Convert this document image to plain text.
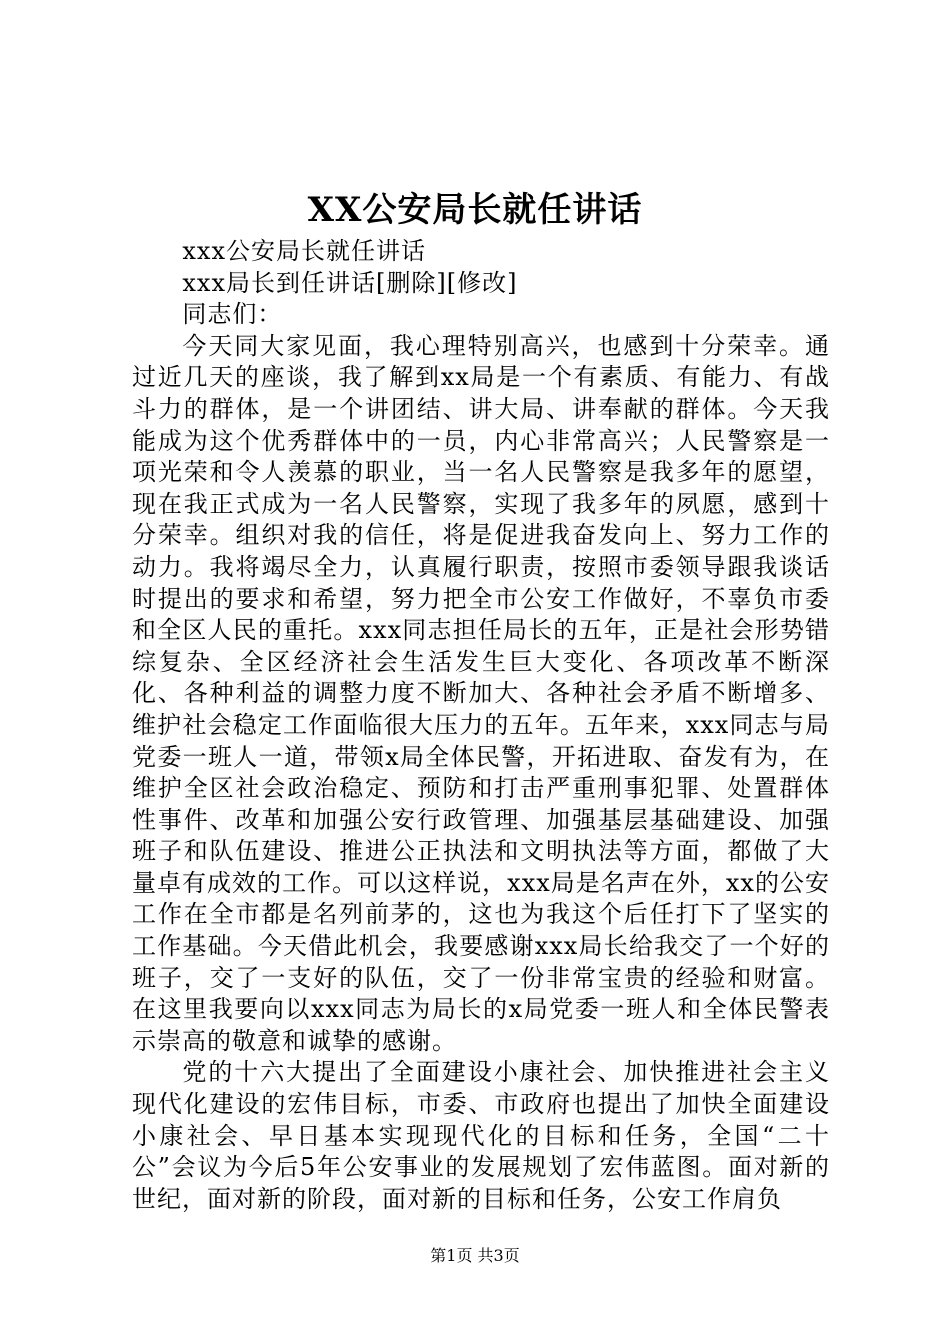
XX公安局长就任讲话

xxx公安局长就任讲话

xxx局长到任讲话[删除][修改]

同志们：

今天同大家见面，我心理特别高兴，也感到十分荣幸。通过近几天的座谈，我了解到xx局是一个有素质、有能力、有战斗力的群体，是一个讲团结、讲大局、讲奉献的群体。今天我能成为这个优秀群体中的一员，内心非常高兴；人民警察是一项光荣和令人羡慕的职业，当一名人民警察是我多年的愿望，现在我正式成为一名人民警察，实现了我多年的夙愿，感到十分荣幸。组织对我的信任，将是促进我奋发向上、努力工作的动力。我将竭尽全力，认真履行职责，按照市委领导跟我谈话时提出的要求和希望，努力把全市公安工作做好，不辜负市委和全区人民的重托。xxx同志担任局长的五年，正是社会形势错综复杂、全区经济社会生活发生巨大变化、各项改革不断深化、各种利益的调整力度不断加大、各种社会矛盾不断增多、维护社会稳定工作面临很大压力的五年。五年来，xxx同志与局党委一班人一道，带领x局全体民警，开拓进取、奋发有为，在维护全区社会政治稳定、预防和打击严重刑事犯罪、处置群体性事件、改革和加强公安行政管理、加强基层基础建设、加强班子和队伍建设、推进公正执法和文明执法等方面，都做了大量卓有成效的工作。可以这样说，xxx局是名声在外，xx的公安工作在全市都是名列前茅的，这也为我这个后任打下了坚实的工作基础。今天借此机会，我要感谢xxx局长给我交了一个好的班子，交了一支好的队伍，交了一份非常宝贵的经验和财富。在这里我要向以xxx同志为局长的x局党委一班人和全体民警表示崇高的敬意和诚挚的感谢。

党的十六大提出了全面建设小康社会、加快推进社会主义现代化建设的宏伟目标，市委、市政府也提出了加快全面建设小康社会、早日基本实现现代化的目标和任务，全国“二十公”会议为今后5年公安事业的发展规划了宏伟蓝图。面对新的世纪，面对新的阶段，面对新的目标和任务，公安工作肩负

第1页 共3页
